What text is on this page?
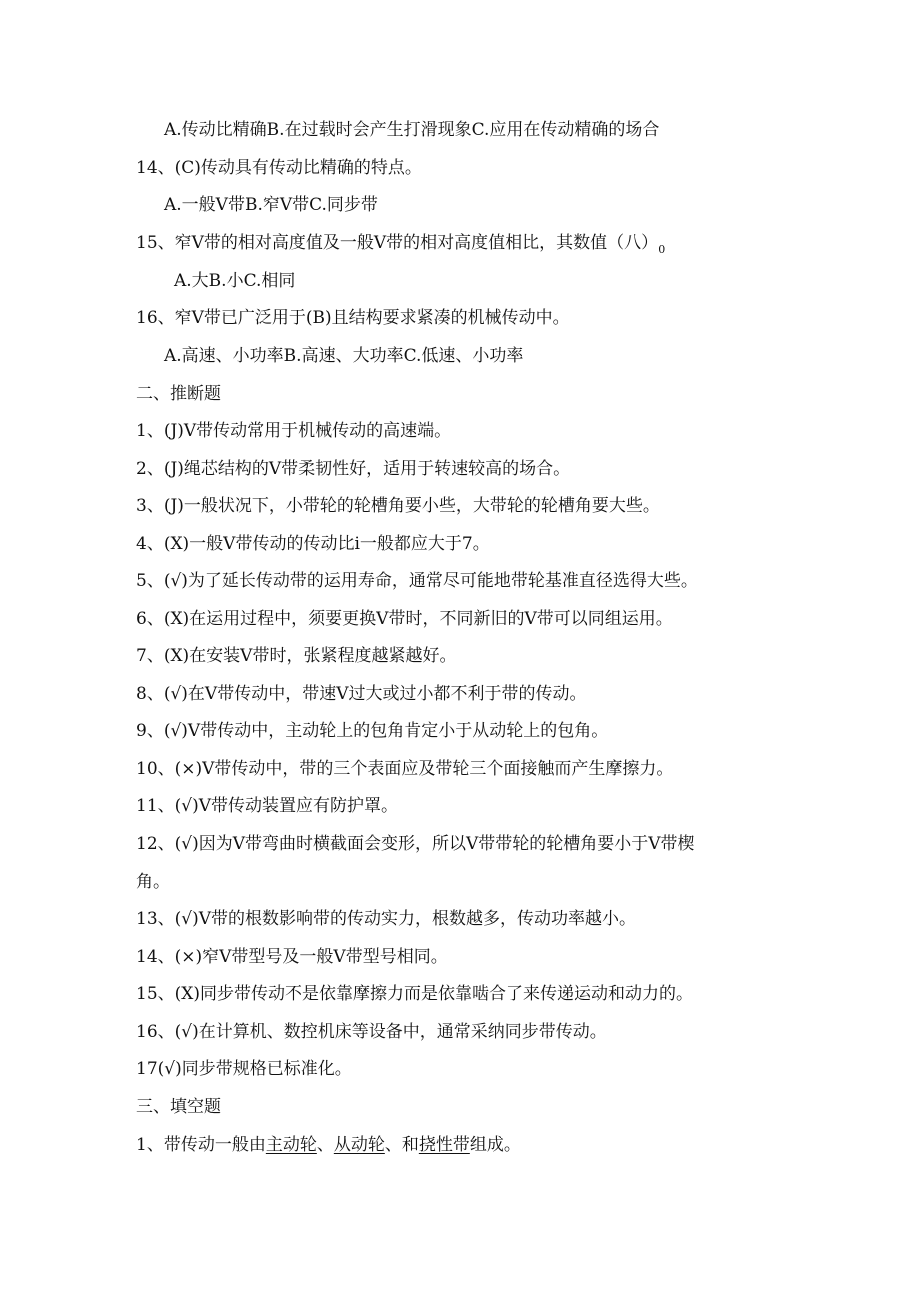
A.传动比精确B.在过载时会产生打滑现象C.应用在传动精确的场合
14、(C)传动具有传动比精确的特点。
A.一般V带B.窄V带C.同步带
15、窄V带的相对高度值及一般V带的相对高度值相比，其数值（八）$_0$
A.大B.小C.相同
16、窄V带已广泛用于(B)且结构要求紧凑的机械传动中。
A.高速、小功率B.高速、大功率C.低速、小功率
二、推断题
1、(J)V带传动常用于机械传动的高速端。
2、(J)绳芯结构的V带柔韧性好，适用于转速较高的场合。
3、(J)一般状况下，小带轮的轮槽角要小些，大带轮的轮槽角要大些。
4、(X)一般V带传动的传动比i一般都应大于7。
5、(√)为了延长传动带的运用寿命，通常尽可能地带轮基准直径选得大些。
6、(X)在运用过程中，须要更换V带时，不同新旧的V带可以同组运用。
7、(X)在安装V带时，张紧程度越紧越好。
8、(√)在V带传动中，带速V过大或过小都不利于带的传动。
9、(√)V带传动中，主动轮上的包角肯定小于从动轮上的包角。
10、(×)V带传动中，带的三个表面应及带轮三个面接触而产生摩擦力。
11、(√)V带传动装置应有防护罩。
12、(√)因为V带弯曲时横截面会变形，所以V带带轮的轮槽角要小于V带楔
角。
13、(√)V带的根数影响带的传动实力，根数越多，传动功率越小。
14、(×)窄V带型号及一般V带型号相同。
15、(X)同步带传动不是依靠摩擦力而是依靠啮合了来传递运动和动力的。
16、(√)在计算机、数控机床等设备中，通常采纳同步带传动。
17(√)同步带规格已标准化。
三、填空题
1、带传动一般由主动轮、从动轮、和挠性带组成。
